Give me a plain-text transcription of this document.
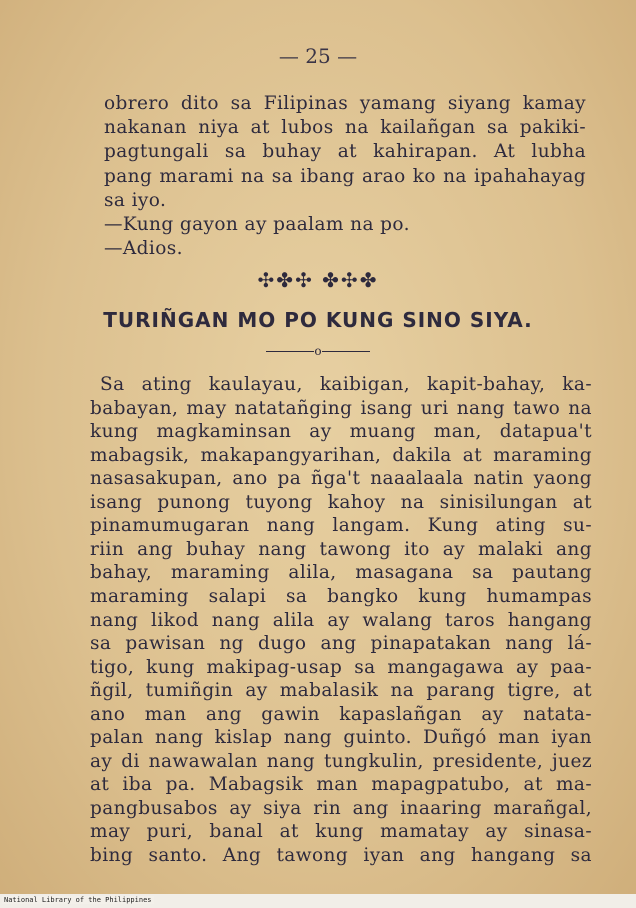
— 25 —
obrero dito sa Filipinas yamang siyang kamay
nakanan niya at lubos na kailañgan sa pakiki-
pagtungali sa buhay at kahirapan. At lubha
pang marami na sa ibang arao ko na ipahahayag
sa iyo.
—Kung gayon ay paalam na po.
—Adios.
✣✤✣ ✤✣✤
TURIÑGAN MO PO KUNG SINO SIYA.
o
Sa ating kaulayau, kaibigan, kapit-bahay, ka-
babayan, may natatañging isang uri nang tawo na
kung magkaminsan ay muang man, datapua't
mabagsik, makapangyarihan, dakila at maraming
nasasakupan, ano pa ñga't naaalaala natin yaong
isang punong tuyong kahoy na sinisilungan at
pinamumugaran nang langam. Kung ating su-
riin ang buhay nang tawong ito ay malaki ang
bahay, maraming alila, masagana sa pautang
maraming salapi sa bangko kung humampas
nang likod nang alila ay walang taros hangang
sa pawisan ng dugo ang pinapatakan nang lá-
tigo, kung makipag-usap sa mangagawa ay paa-
ñgil, tumiñgin ay mabalasik na parang tigre, at
ano man ang gawin kapaslañgan ay natata-
palan nang kislap nang guinto. Duñgó man iyan
ay di nawawalan nang tungkulin, presidente, juez
at iba pa. Mabagsik man mapagpatubo, at ma-
pangbusabos ay siya rin ang inaaring marañgal,
may puri, banal at kung mamatay ay sinasa-
bing santo. Ang tawong iyan ang hangang sa
National Library of the Philippines
